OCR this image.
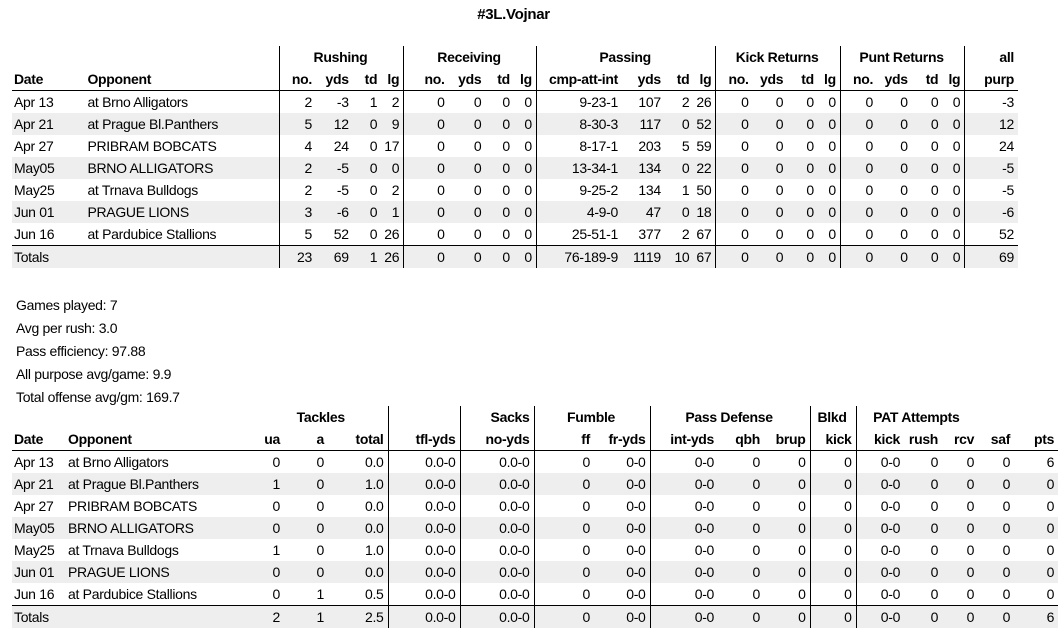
#3L.Vojnar
		Rushing				Receiving				Passing				Kick Returns				Punt Returns				all
Date	Opponent	no.	yds	td	lg	no.	yds	td	lg	cmp-att-int	yds	td	lg	no.	yds	td	lg	no.	yds	td	lg	purp
Apr 13	at Brno Alligators	2	-3	1	2	0	0	0	0	9-23-1	107	2	26	0	0	0	0	0	0	0	0	-3
Apr 21	at Prague Bl.Panthers	5	12	0	9	0	0	0	0	8-30-3	117	0	52	0	0	0	0	0	0	0	0	12
Apr 27	PRIBRAM BOBCATS	4	24	0	17	0	0	0	0	8-17-1	203	5	59	0	0	0	0	0	0	0	0	24
May05	BRNO ALLIGATORS	2	-5	0	0	0	0	0	0	13-34-1	134	0	22	0	0	0	0	0	0	0	0	-5
May25	at Trnava Bulldogs	2	-5	0	2	0	0	0	0	9-25-2	134	1	50	0	0	0	0	0	0	0	0	-5
Jun 01	PRAGUE LIONS	3	-6	0	1	0	0	0	0	4-9-0	47	0	18	0	0	0	0	0	0	0	0	-6
Jun 16	at Pardubice Stallions	5	52	0	26	0	0	0	0	25-51-1	377	2	67	0	0	0	0	0	0	0	0	52
Totals		23	69	1	26	0	0	0	0	76-189-9	1119	10	67	0	0	0	0	0	0	0	0	69
Games played: 7
Avg per rush: 3.0
Pass efficiency: 97.88
All purpose avg/game: 9.9
Total offense avg/gm: 169.7
		Tackles				Sacks	Fumble		Pass Defense			Blkd	PAT Attempts				
Date	Opponent	ua	a	total	tfl-yds	no-yds	ff	fr-yds	int-yds	qbh	brup	kick	kick	rush	rcv	saf	pts
Apr 13	at Brno Alligators	0	0	0.0	0.0-0	0.0-0	0	0-0	0-0	0	0	0	0-0	0	0	0	6
Apr 21	at Prague Bl.Panthers	1	0	1.0	0.0-0	0.0-0	0	0-0	0-0	0	0	0	0-0	0	0	0	0
Apr 27	PRIBRAM BOBCATS	0	0	0.0	0.0-0	0.0-0	0	0-0	0-0	0	0	0	0-0	0	0	0	0
May05	BRNO ALLIGATORS	0	0	0.0	0.0-0	0.0-0	0	0-0	0-0	0	0	0	0-0	0	0	0	0
May25	at Trnava Bulldogs	1	0	1.0	0.0-0	0.0-0	0	0-0	0-0	0	0	0	0-0	0	0	0	0
Jun 01	PRAGUE LIONS	0	0	0.0	0.0-0	0.0-0	0	0-0	0-0	0	0	0	0-0	0	0	0	0
Jun 16	at Pardubice Stallions	0	1	0.5	0.0-0	0.0-0	0	0-0	0-0	0	0	0	0-0	0	0	0	0
Totals		2	1	2.5	0.0-0	0.0-0	0	0-0	0-0	0	0	0	0-0	0	0	0	6
